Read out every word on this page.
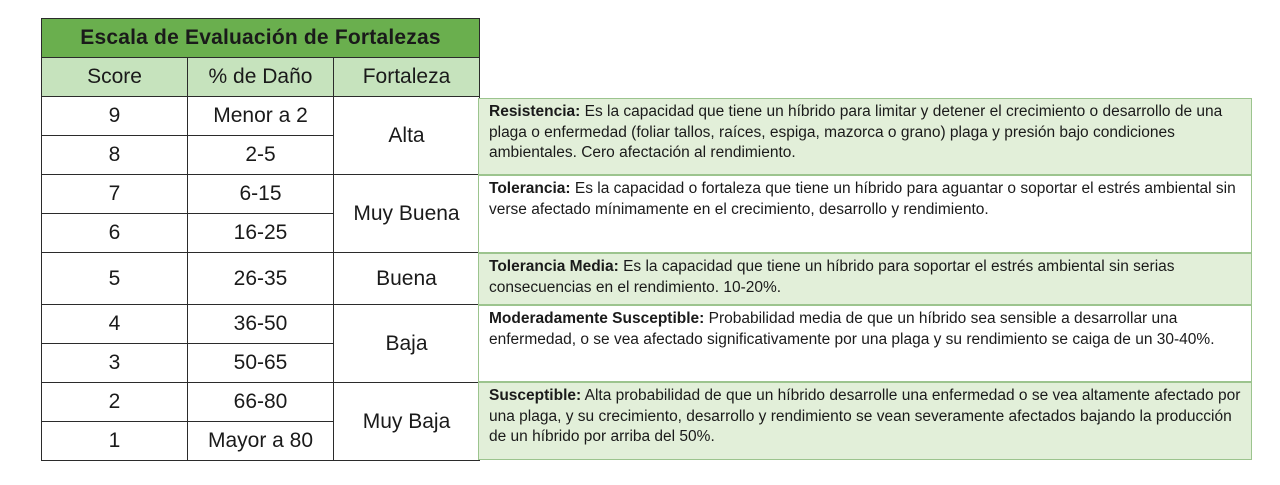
Escala de Evaluación de Fortalezas		
Score	% de Daño	Fortaleza
9	Menor a 2	Alta
8	2-5	
7	6-15	Muy Buena
6	16-25	
5	26-35	Buena
4	36-50	Baja
3	50-65	
2	66-80	Muy Baja
1	Mayor a 80	
Resistencia: Es la capacidad que tiene un híbrido para limitar y detener el crecimiento o desarrollo de una plaga o enfermedad (foliar tallos, raíces, espiga, mazorca o grano) plaga y presión bajo condiciones ambientales. Cero afectación al rendimiento.
Tolerancia: Es la capacidad o fortaleza que tiene un híbrido para aguantar o soportar el estrés ambiental sin verse afectado mínimamente en el crecimiento, desarrollo y rendimiento.
Tolerancia Media: Es la capacidad que tiene un híbrido para soportar el estrés ambiental sin serias consecuencias en el rendimiento. 10-20%.
Moderadamente Susceptible: Probabilidad media de que un híbrido sea sensible a desarrollar una enfermedad, o se vea afectado significativamente por una plaga y su rendimiento se caiga de un 30-40%.
Susceptible: Alta probabilidad de que un híbrido desarrolle una enfermedad o se vea altamente afectado por una plaga, y su crecimiento, desarrollo y rendimiento se vean severamente afectados bajando la producción de un híbrido por arriba del 50%.
